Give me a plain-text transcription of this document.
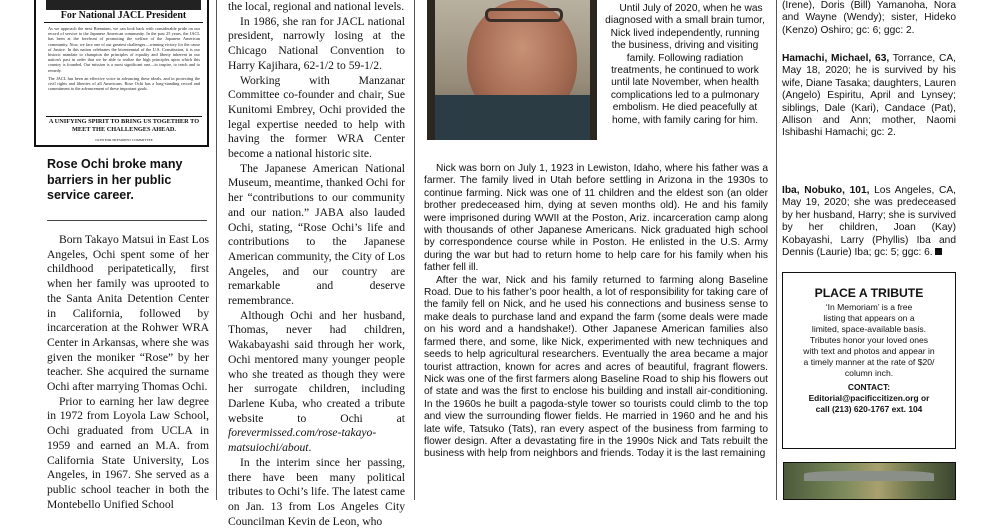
For National JACL President

As we approach the next Biennium, we can look back with considerable pride on our record of service to the Japanese American community. In the past 25 years, the JACL has been at the forefront of promoting the welfare of the Japanese American community. Now, we face one of our greatest challenges—winning victory for the cause of Justice. In this nation celebrates the bicentennial of the U.S. Constitution, it is our historic mandate to champion the principles of equality and liberty inherent in our nation's past in order that we be able to realize the high principles upon which this country is founded. Our mission is a most significant one—to inspire, to teach and to remedy.

The JACL has been an effective voice in advancing these ideals, and in protecting the civil rights and liberties of all Americans. Rose Ochi has a long-standing record and commitment to the advancement of these important goals.

A UNIFYING SPIRIT TO BRING US TOGETHER TO MEET THE CHALLENGES AHEAD.
OCHI FOR PRESIDENT COMMITTEE
Rose Ochi broke many barriers in her public service career.

Born Takayo Matsui in East Los Angeles, Ochi spent some of her childhood peripatetically, first when her family was uprooted to the Santa Anita Detention Center in California, followed by incarceration at the Rohwer WRA Center in Arkansas, where she was given the moniker “Rose” by her teacher. She acquired the surname Ochi after marrying Thomas Ochi.

Prior to earning her law degree in 1972 from Loyola Law School, Ochi graduated from UCLA in 1959 and earned an M.A. from California State University, Los Angeles, in 1967. She served as a public school teacher in both the Montebello Unified School

the local, regional and national levels.

In 1986, she ran for JACL national president, narrowly losing at the Chicago National Convention to Harry Kajihara, 62-1/2 to 59-1/2.

Working with Manzanar Committee co-founder and chair, Sue Kunitomi Embrey, Ochi provided the legal expertise needed to help with having the former WRA Center become a national historic site.

The Japanese American National Museum, meantime, thanked Ochi for her “contributions to our community and our nation.” JABA also lauded Ochi, stating, “Rose Ochi’s life and contributions to the Japanese American community, the City of Los Angeles, and our country are remarkable and deserve remembrance.

Although Ochi and her husband, Thomas, never had children, Wakabayashi said through her work, Ochi mentored many younger people who she treated as though they were her surrogate children, including Darlene Kuba, who created a tribute website to Ochi at forevermissed.com/rose-takayo-matsuiochi/about.

In the interim since her passing, there have been many political tributes to Ochi’s life. The latest came on Jan. 13 from Los Angeles City Councilman Kevin de Leon, who

Until July of 2020, when he was diagnosed with a small brain tumor, Nick lived independently, running the business, driving and visiting family. Following radiation treatments, he continued to work until late November, when health complications led to a pulmonary embolism. He died peacefully at home, with family caring for him.

Nick was born on July 1, 1923 in Lewiston, Idaho, where his father was a farmer. The family lived in Utah before settling in Arizona in the 1930s to continue farming. Nick was one of 11 children and the eldest son (an older brother predeceased him, dying at seven months old). He and his family were imprisoned during WWII at the Poston, Ariz. incarceration camp along with thousands of other Japanese Americans. Nick graduated high school by correspondence course while in Poston. He enlisted in the U.S. Army during the war but had to return home to help care for his family when his father fell ill.

After the war, Nick and his family returned to farming along Baseline Road. Due to his father’s poor health, a lot of responsibility for taking care of the family fell on Nick, and he used his connections and business sense to make deals to purchase land and expand the farm (some deals were made on his word and a handshake!). Other Japanese American families also farmed there, and some, like Nick, experimented with new techniques and seeds to help agricultural researchers. Eventually the area became a major tourist attraction, known for acres and acres of beautiful, fragrant flowers. Nick was one of the first farmers along Baseline Road to ship his flowers out of state and was the first to enclose his building and install air-conditioning. In the 1960s he built a pagoda-style tower so tourists could climb to the top and view the surrounding flower fields. He married in 1960 and he and his late wife, Tatsuko (Tats), ran every aspect of the business from farming to flower design. After a devastating fire in the 1990s Nick and Tats rebuilt the business with help from neighbors and friends. Today it is the last remaining

(Irene), Doris (Bill) Yamanoha, Nora and Wayne (Wendy); sister, Hideko (Kenzo) Oshiro; gc: 6; ggc: 2.
Hamachi, Michael, 63, Torrance, CA, May 18, 2020; he is survived by his wife, Diane Tasaka; daughters, Lauren (Angelo) Espiritu, April and Lynsey; siblings, Dale (Kari), Candace (Pat), Allison and Ann; mother, Naomi Ishibashi Hamachi; gc: 2.
Iba, Nobuko, 101, Los Angeles, CA, May 19, 2020; she was predeceased by her husband, Harry; she is survived by her children, Joan (Kay) Kobayashi, Larry (Phyllis) Iba and Dennis (Laurie) Iba; gc: 5; ggc: 6.
PLACE A TRIBUTE
‘In Memoriam’ is a free
listing that appears on a
limited, space-available basis.
Tributes honor your loved ones
with text and photos and appear in
a timely manner at the rate of $20/
column inch.
CONTACT:
Editorial@pacificcitizen.org or
call (213) 620-1767 ext. 104
